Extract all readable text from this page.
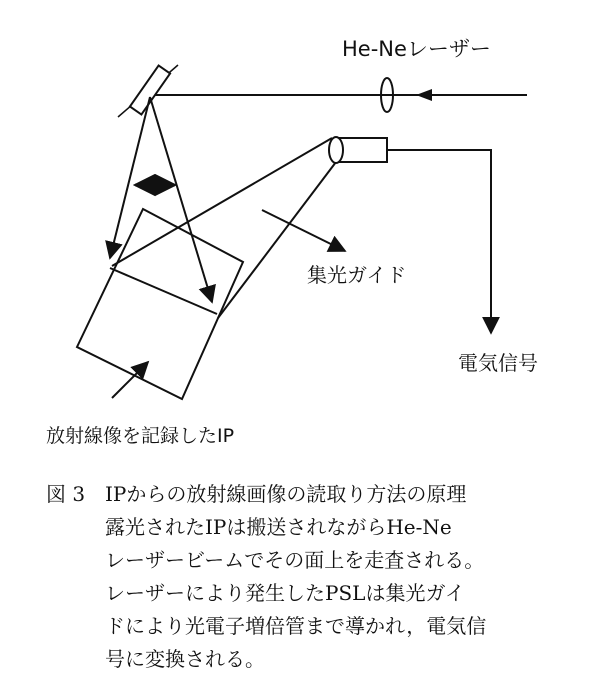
He-Neレーザー
集光ガイド
電気信号
放射線像を記録したIP
図 3 IPからの放射線画像の読取り方法の原理
露光されたIPは搬送されながらHe-Ne
レーザービームでその面上を走査される。
レーザーにより発生したPSLは集光ガイ
ドにより光電子増倍管まで導かれ，電気信
号に変換される。
